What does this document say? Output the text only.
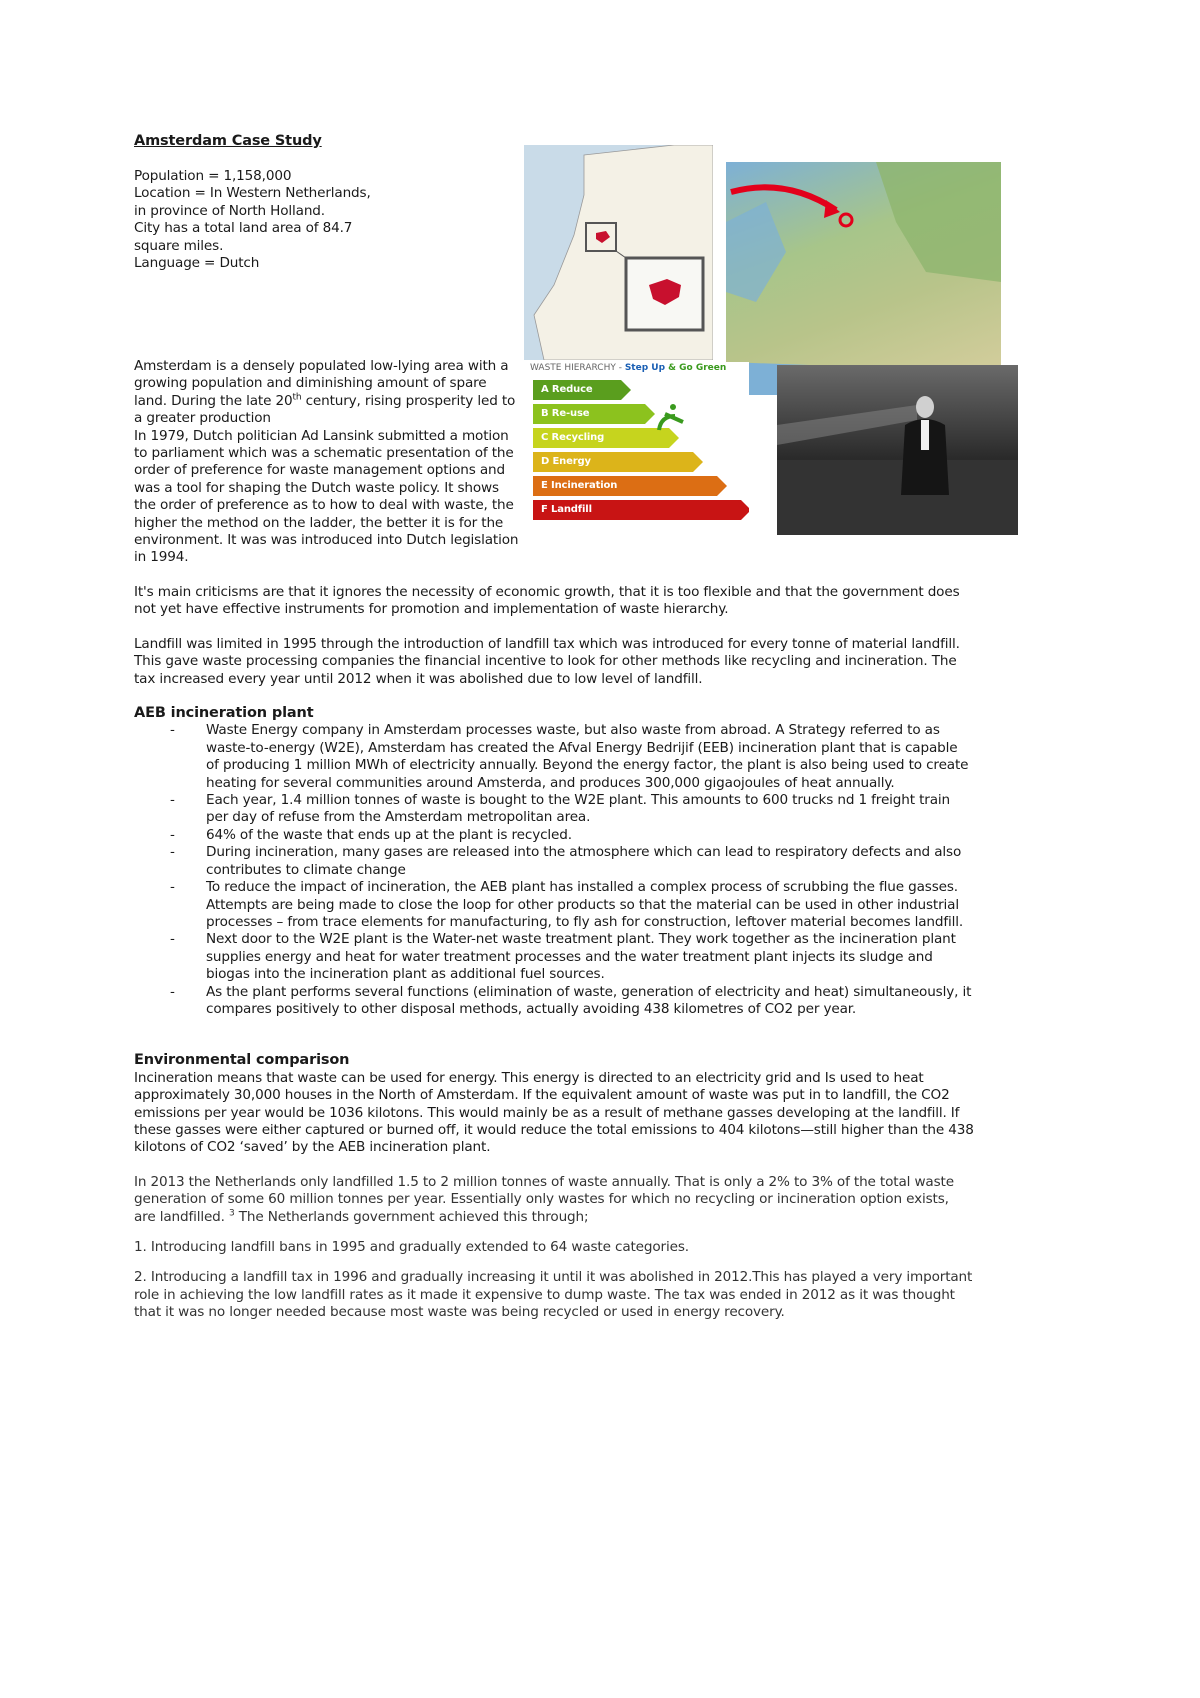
Amsterdam Case Study
Population = 1,158,000
Location = In Western Netherlands,
in province of North Holland.
City has a total land area of 84.7
square miles.
Language = Dutch
WASTE HIERARCHY - Step Up & Go Green
A Reduce
B Re-use
C Recycling
D Energy
E Incineration
F Landfill

Amsterdam is a densely populated low-lying area with a growing population and diminishing amount of spare land. During the late 20th century, rising prosperity led to a greater production

In 1979, Dutch politician Ad Lansink submitted a motion to parliament which was a schematic presentation of the order of preference for waste management options and was a tool for shaping the Dutch waste policy. It shows the order of preference as to how to deal with waste, the higher the method on the ladder, the better it is for the environment. It was was introduced into Dutch legislation in 1994.

It's main criticisms are that it ignores the necessity of economic growth, that it is too flexible and that the government does not yet have effective instruments for promotion and implementation of waste hierarchy.

Landfill was limited in 1995 through the introduction of landfill tax which was introduced for every tonne of material landfill. This gave waste processing companies the financial incentive to look for other methods like recycling and incineration. The tax increased every year until 2012 when it was abolished due to low level of landfill.

AEB incineration plant
- Waste Energy company in Amsterdam processes waste, but also waste from abroad. A Strategy referred to as waste-to-energy (W2E), Amsterdam has created the Afval Energy Bedrijif (EEB) incineration plant that is capable of producing 1 million MWh of electricity annually. Beyond the energy factor, the plant is also being used to create heating for several communities around Amsterda, and produces 300,000 gigaojoules of heat annually.
- Each year, 1.4 million tonnes of waste is bought to the W2E plant. This amounts to 600 trucks nd 1 freight train per day of refuse from the Amsterdam metropolitan area.
- 64% of the waste that ends up at the plant is recycled.
- During incineration, many gases are released into the atmosphere which can lead to respiratory defects and also contributes to climate change
- To reduce the impact of incineration, the AEB plant has installed a complex process of scrubbing the flue gasses. Attempts are being made to close the loop for other products so that the material can be used in other industrial processes – from trace elements for manufacturing, to fly ash for construction, leftover material becomes landfill.
- Next door to the W2E plant is the Water-net waste treatment plant. They work together as the incineration plant supplies energy and heat for water treatment processes and the water treatment plant injects its sludge and biogas into the incineration plant as additional fuel sources.
- As the plant performs several functions (elimination of waste, generation of electricity and heat) simultaneously, it compares positively to other disposal methods, actually avoiding 438 kilometres of CO2 per year.
Environmental comparison

Incineration means that waste can be used for energy. This energy is directed to an electricity grid and Is used to heat approximately 30,000 houses in the North of Amsterdam. If the equivalent amount of waste was put in to landfill, the CO2 emissions per year would be 1036 kilotons. This would mainly be as a result of methane gasses developing at the landfill. If these gasses were either captured or burned off, it would reduce the total emissions to 404 kilotons—still higher than the 438 kilotons of CO2 ‘saved’ by the AEB incineration plant.

In 2013 the Netherlands only landfilled 1.5 to 2 million tonnes of waste annually. That is only a 2% to 3% of the total waste generation of some 60 million tonnes per year. Essentially only wastes for which no recycling or incineration option exists, are landfilled. $^3$ The Netherlands government achieved this through;

1. Introducing landfill bans in 1995 and gradually extended to 64 waste categories.

2. Introducing a landfill tax in 1996 and gradually increasing it until it was abolished in 2012.This has played a very important role in achieving the low landfill rates as it made it expensive to dump waste. The tax was ended in 2012 as it was thought that it was no longer needed because most waste was being recycled or used in energy recovery.
